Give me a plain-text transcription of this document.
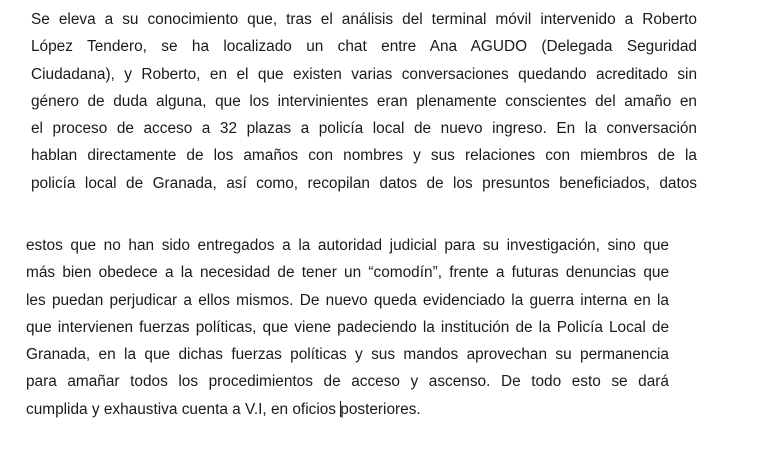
Se eleva a su conocimiento que, tras el análisis del terminal móvil intervenido a Roberto
López Tendero, se ha localizado un chat entre Ana AGUDO (Delegada Seguridad
Ciudadana), y Roberto, en el que existen varias conversaciones quedando acreditado sin
género de duda alguna, que los intervinientes eran plenamente conscientes del amaño en
el proceso de acceso a 32 plazas a policía local de nuevo ingreso. En la conversación
hablan directamente de los amaños con nombres y sus relaciones con miembros de la
policía local de Granada, así como, recopilan datos de los presuntos beneficiados, datos

estos que no han sido entregados a la autoridad judicial para su investigación, sino que
más bien obedece a la necesidad de tener un “comodín”, frente a futuras denuncias que
les puedan perjudicar a ellos mismos. De nuevo queda evidenciado la guerra interna en la
que intervienen fuerzas políticas, que viene padeciendo la institución de la Policía Local de
Granada, en la que dichas fuerzas políticas y sus mandos aprovechan su permanencia
para amañar todos los procedimientos de acceso y ascenso. De todo esto se dará
cumplida y exhaustiva cuenta a V.I, en oficios posteriores.
